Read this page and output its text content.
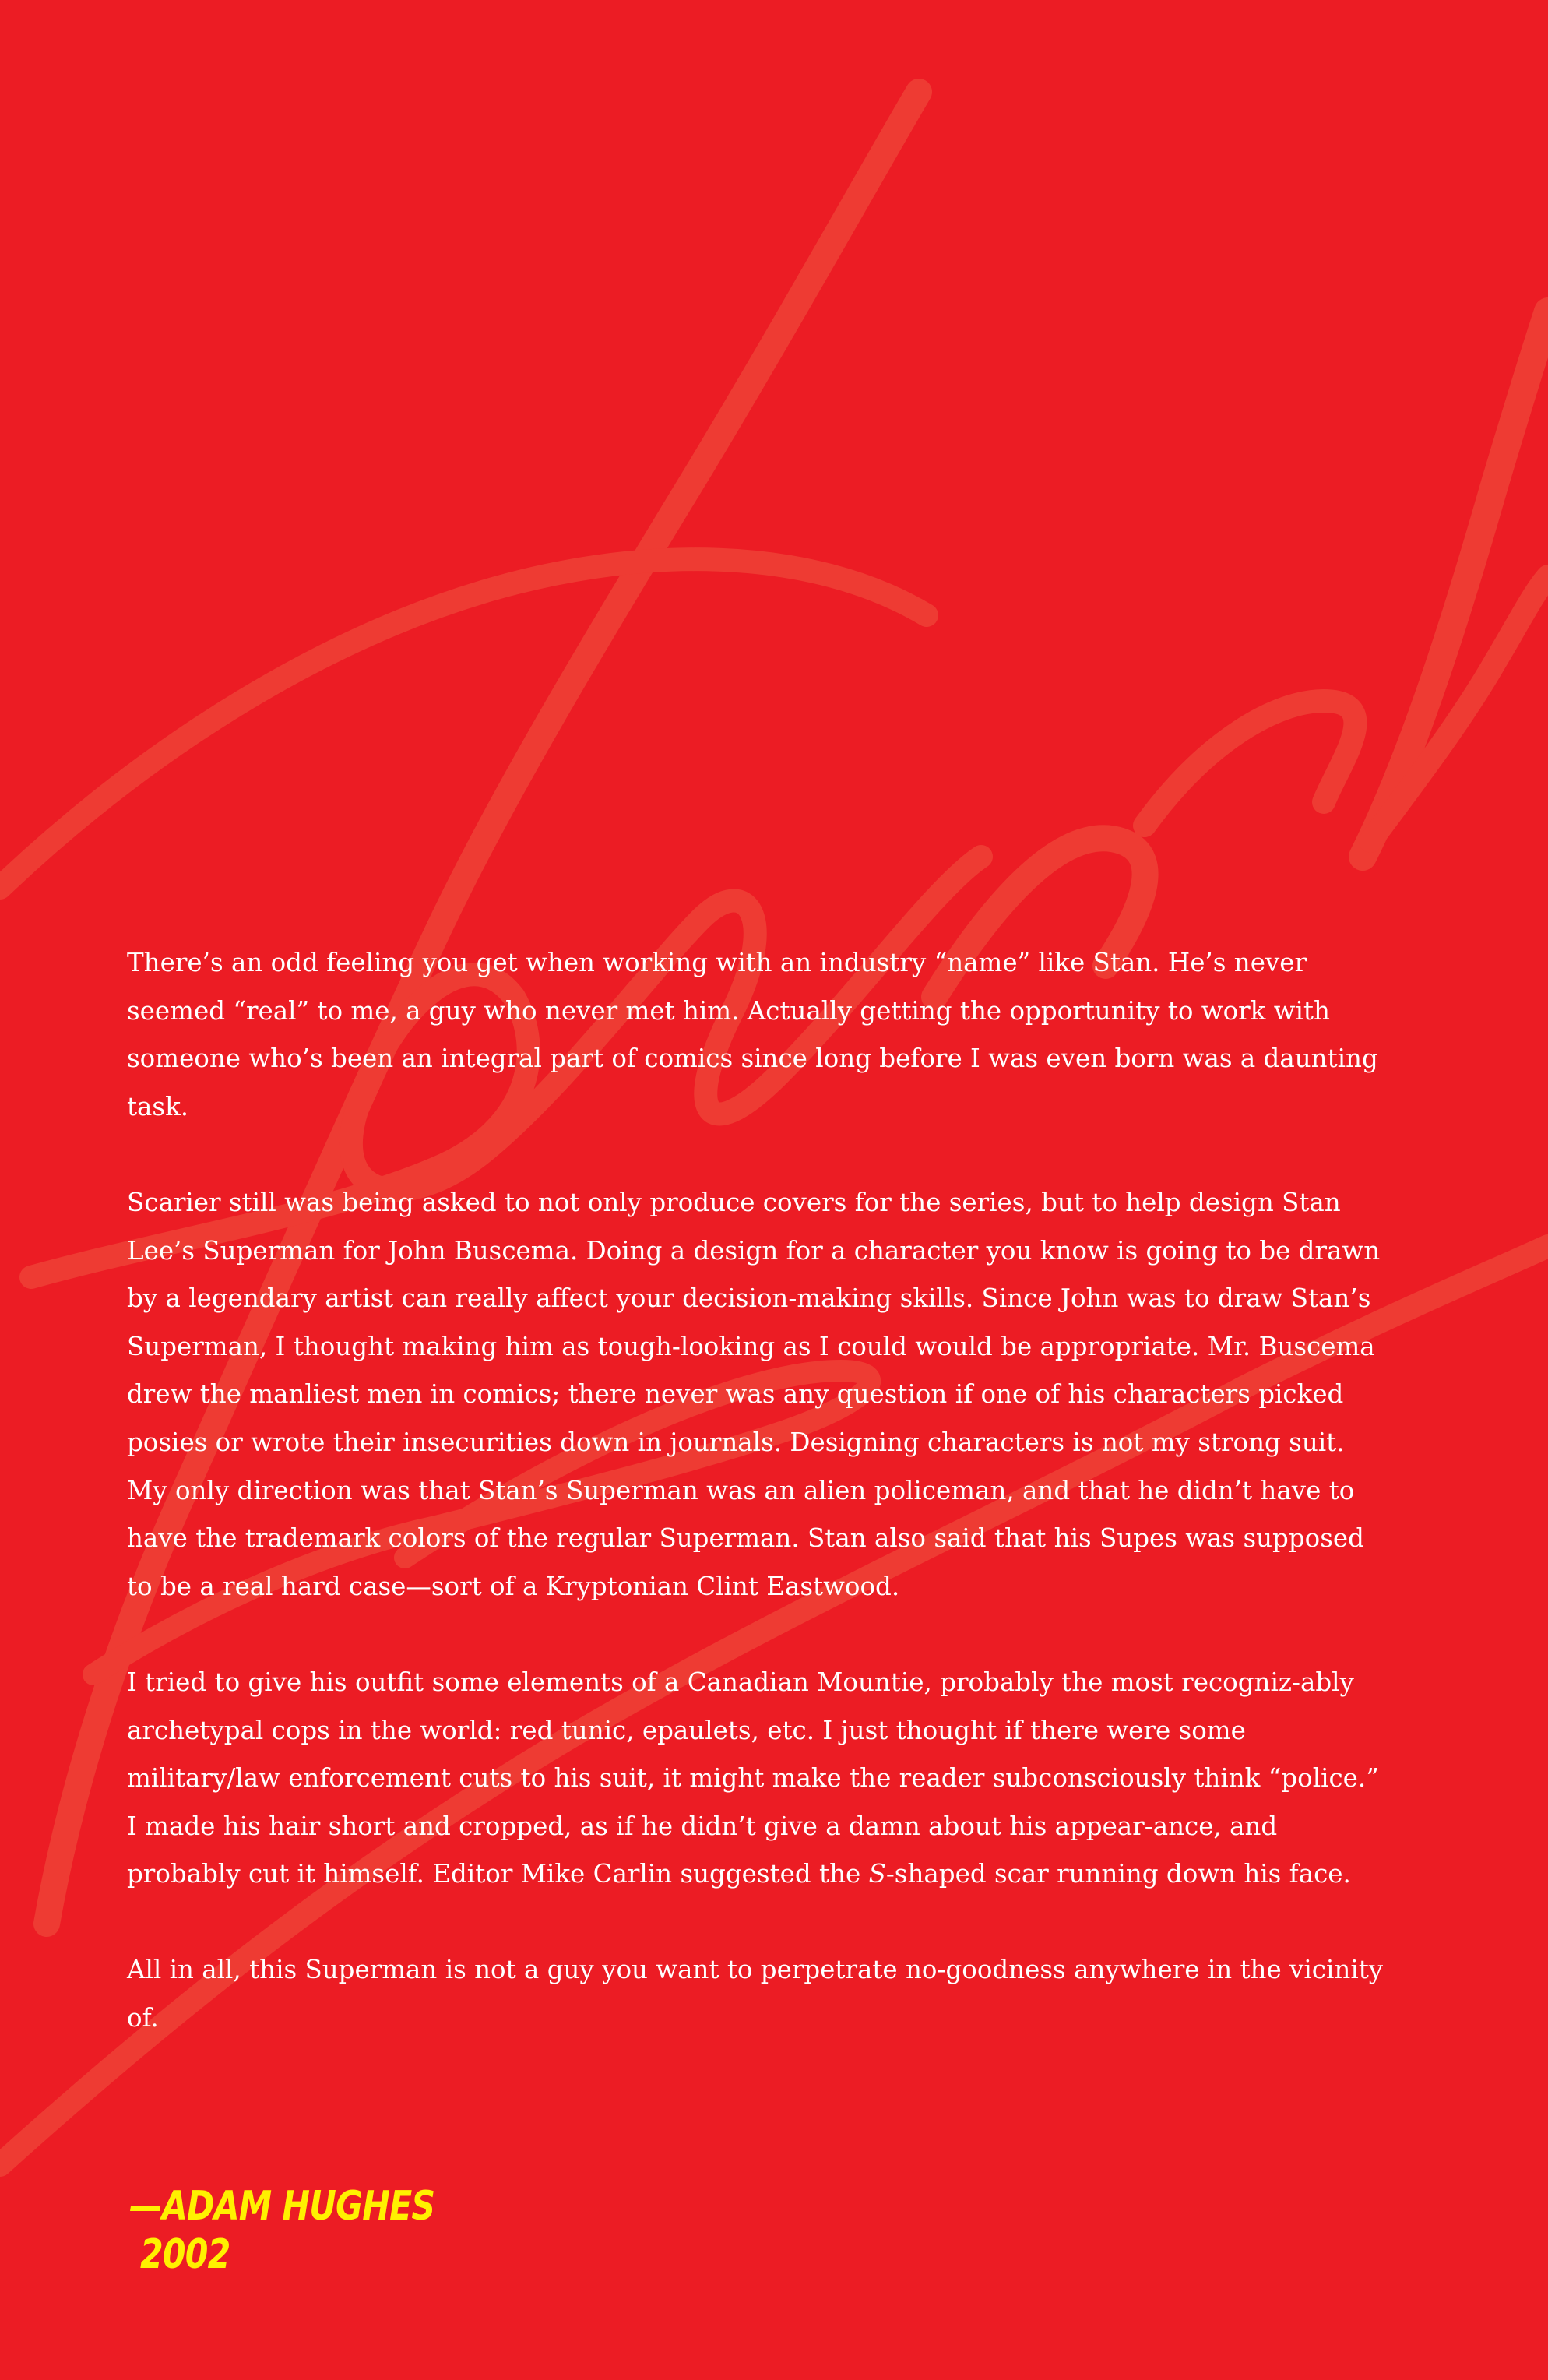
There’s an odd feeling you get when working with an industry “name” like Stan. He’s never seemed “real” to me, a guy who never met him. Actually getting the opportunity to work with someone who’s been an integral part of comics since long before I was even born was a daunting task.

Scarier still was being asked to not only produce covers for the series, but to help design Stan Lee’s Superman for John Buscema. Doing a design for a character you know is going to be drawn by a legendary artist can really affect your decision-making skills. Since John was to draw Stan’s Superman, I thought making him as tough-looking as I could would be appropriate. Mr. Buscema drew the manliest men in comics; there never was any question if one of his characters picked posies or wrote their insecurities down in journals. Designing characters is not my strong suit. My only direction was that Stan’s Superman was an alien policeman, and that he didn’t have to have the trademark colors of the regular Superman. Stan also said that his Supes was supposed to be a real hard case—sort of a Kryptonian Clint Eastwood.

I tried to give his outfit some elements of a Canadian Mountie, probably the most recogniz-ably archetypal cops in the world: red tunic, epaulets, etc. I just thought if there were some military/law enforcement cuts to his suit, it might make the reader subconsciously think “police.” I made his hair short and cropped, as if he didn’t give a damn about his appear-ance, and probably cut it himself. Editor Mike Carlin suggested the S-shaped scar running down his face.

All in all, this Superman is not a guy you want to perpetrate no-goodness anywhere in the vicinity of.

—ADAM HUGHES
2002
